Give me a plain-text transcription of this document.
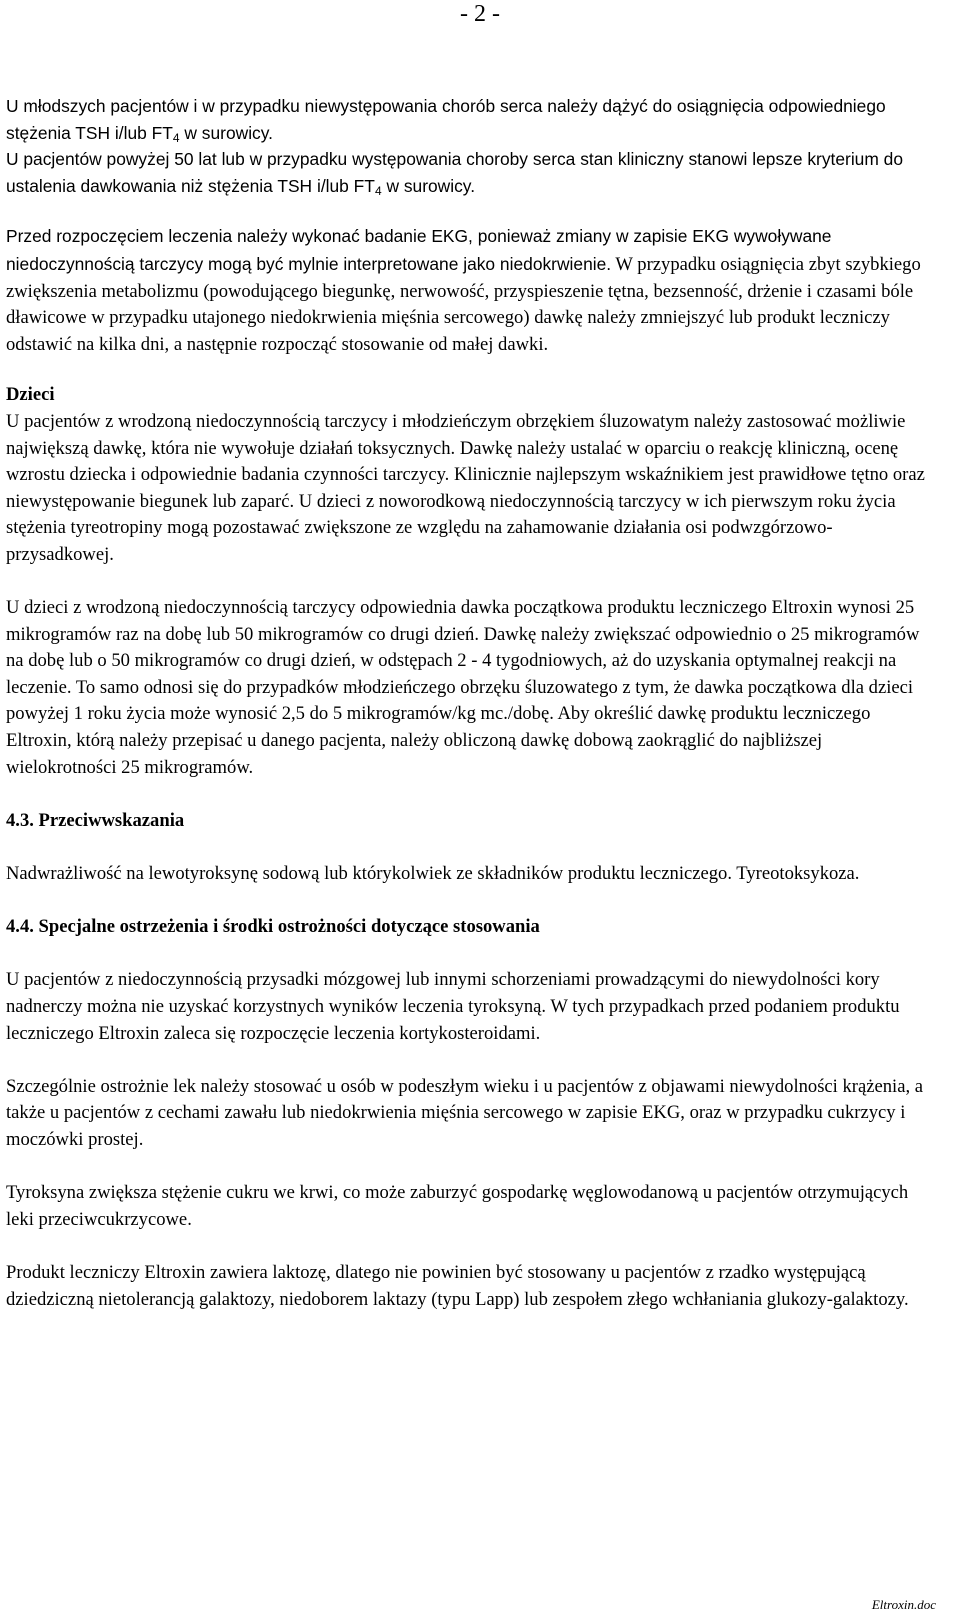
- 2 -

U młodszych pacjentów i w przypadku niewystępowania chorób serca należy dążyć do osiągnięcia odpowiedniego stężenia TSH i/lub $FT_4$ w surowicy.

U pacjentów powyżej 50 lat lub w przypadku występowania choroby serca stan kliniczny stanowi lepsze kryterium do ustalenia dawkowania niż stężenia TSH i/lub $FT_4$ w surowicy.

Przed rozpoczęciem leczenia należy wykonać badanie EKG, ponieważ zmiany w zapisie EKG wywoływane niedoczynnością tarczycy mogą być mylnie interpretowane jako niedokrwienie. W przypadku osiągnięcia zbyt szybkiego zwiększenia metabolizmu (powodującego biegunkę, nerwowość, przyspieszenie tętna, bezsenność, drżenie i czasami bóle dławicowe w przypadku utajonego niedokrwienia mięśnia sercowego) dawkę należy zmniejszyć lub produkt leczniczy odstawić na kilka dni, a następnie rozpocząć stosowanie od małej dawki.

Dzieci

U pacjentów z wrodzoną niedoczynnością tarczycy i młodzieńczym obrzękiem śluzowatym należy zastosować możliwie największą dawkę, która nie wywołuje działań toksycznych. Dawkę należy ustalać w oparciu o reakcję kliniczną, ocenę wzrostu dziecka i odpowiednie badania czynności tarczycy. Klinicznie najlepszym wskaźnikiem jest prawidłowe tętno oraz niewystępowanie biegunek lub zaparć. U dzieci z noworodkową niedoczynnością tarczycy w ich pierwszym roku życia stężenia tyreotropiny mogą pozostawać zwiększone ze względu na zahamowanie działania osi podwzgórzowo-przysadkowej.

U dzieci z wrodzoną niedoczynnością tarczycy odpowiednia dawka początkowa produktu leczniczego Eltroxin wynosi 25 mikrogramów raz na dobę lub 50 mikrogramów co drugi dzień. Dawkę należy zwiększać odpowiednio o 25 mikrogramów na dobę lub o 50 mikrogramów co drugi dzień, w odstępach 2 - 4 tygodniowych, aż do uzyskania optymalnej reakcji na leczenie. To samo odnosi się do przypadków młodzieńczego obrzęku śluzowatego z tym, że dawka początkowa dla dzieci powyżej 1 roku życia może wynosić 2,5 do 5 mikrogramów/kg mc./dobę. Aby określić dawkę produktu leczniczego Eltroxin, którą należy przepisać u danego pacjenta, należy obliczoną dawkę dobową zaokrąglić do najbliższej wielokrotności 25 mikrogramów.

4.3. Przeciwwskazania

Nadwrażliwość na lewotyroksynę sodową lub którykolwiek ze składników produktu leczniczego. Tyreotoksykoza.

4.4. Specjalne ostrzeżenia i środki ostrożności dotyczące stosowania

U pacjentów z niedoczynnością przysadki mózgowej lub innymi schorzeniami prowadzącymi do niewydolności kory nadnerczy można nie uzyskać korzystnych wyników leczenia tyroksyną. W tych przypadkach przed podaniem produktu leczniczego Eltroxin zaleca się rozpoczęcie leczenia kortykosteroidami.

Szczególnie ostrożnie lek należy stosować u osób w podeszłym wieku i u pacjentów z objawami niewydolności krążenia, a także u pacjentów z cechami zawału lub niedokrwienia mięśnia sercowego w zapisie EKG, oraz w przypadku cukrzycy i moczówki prostej.

Tyroksyna zwiększa stężenie cukru we krwi, co może zaburzyć gospodarkę węglowodanową u pacjentów otrzymujących leki przeciwcukrzycowe.

Produkt leczniczy Eltroxin zawiera laktozę, dlatego nie powinien być stosowany u pacjentów z rzadko występującą dziedziczną nietolerancją galaktozy, niedoborem laktazy (typu Lapp) lub zespołem złego wchłaniania glukozy-galaktozy.

Eltroxin.doc
